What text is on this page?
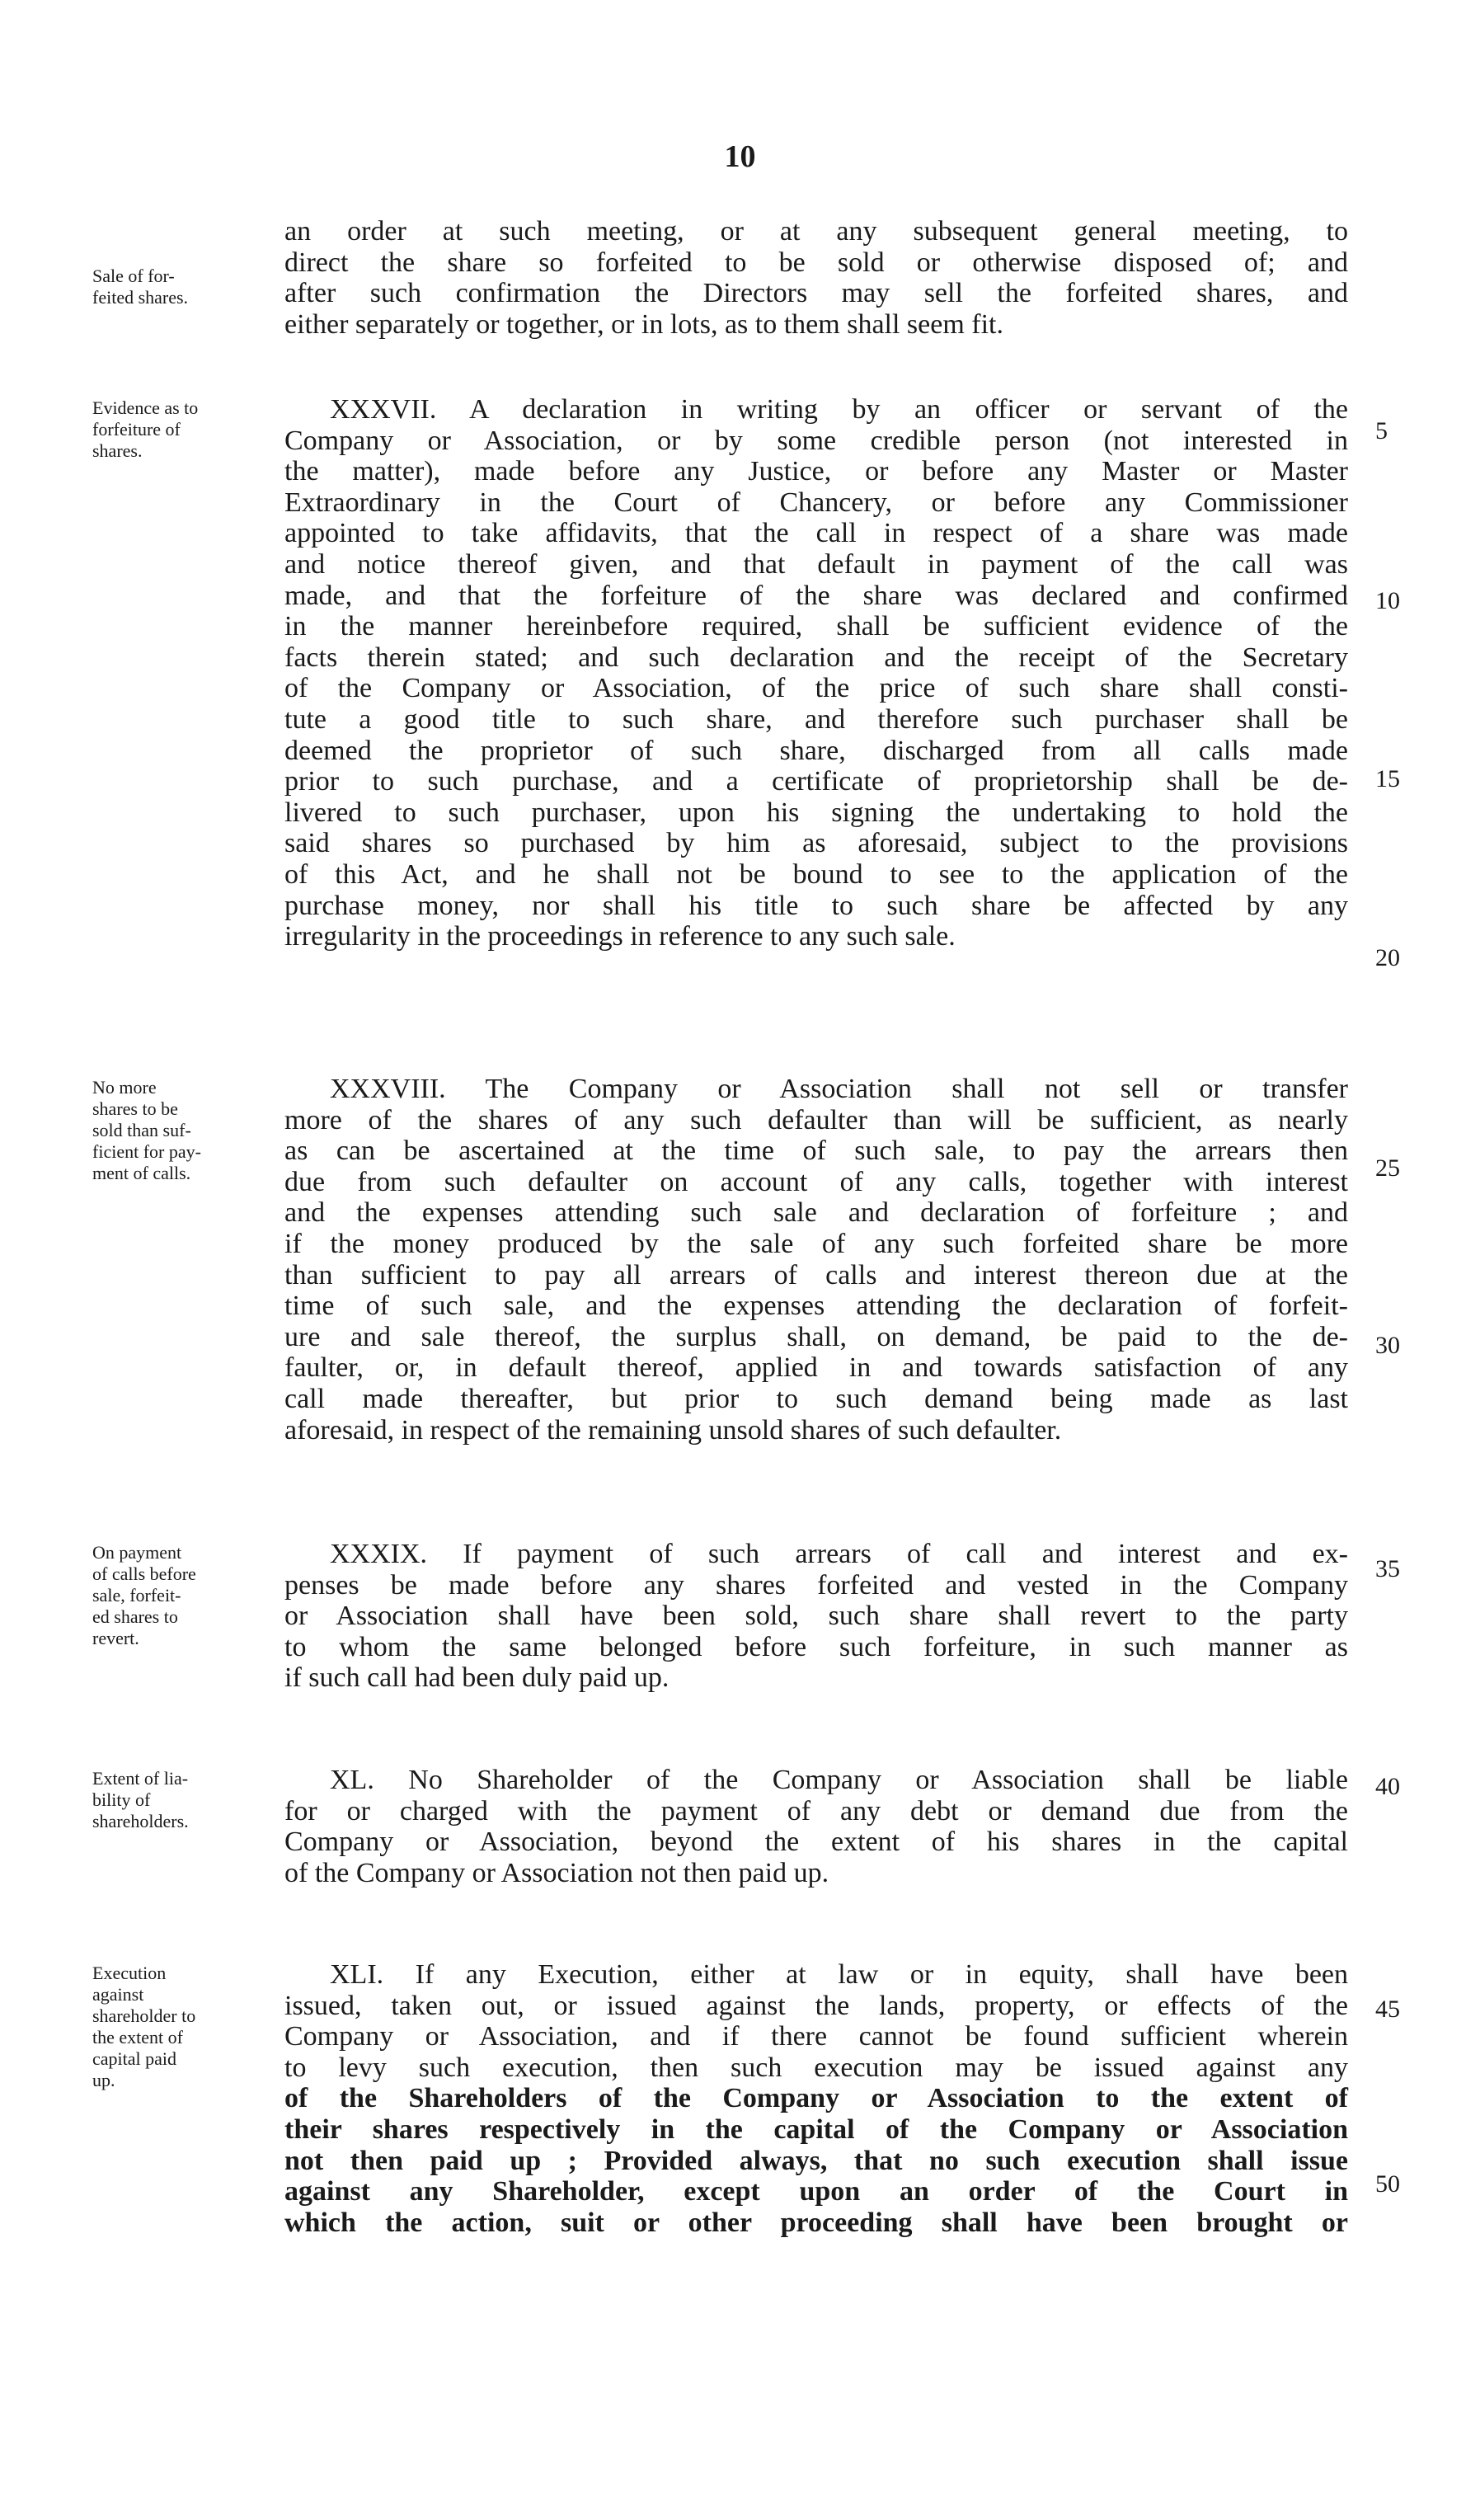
10
Sale of for-
feited shares.
an order at such meeting, or at any subsequent general meeting, to
direct the share so forfeited to be sold or otherwise disposed of; and
after such confirmation the Directors may sell the forfeited shares, and
either separately or together, or in lots, as to them shall seem fit.
Evidence as to
forfeiture of
shares.
XXXVII. A declaration in writing by an officer or servant of the
Company or Association, or by some credible person (not interested in
the matter), made before any Justice, or before any Master or Master
Extraordinary in the Court of Chancery, or before any Commissioner
appointed to take affidavits, that the call in respect of a share was made
and notice thereof given, and that default in payment of the call was
made, and that the forfeiture of the share was declared and confirmed
in the manner hereinbefore required, shall be sufficient evidence of the
facts therein stated; and such declaration and the receipt of the Secretary
of the Company or Association, of the price of such share shall consti-
tute a good title to such share, and therefore such purchaser shall be
deemed the proprietor of such share, discharged from all calls made
prior to such purchase, and a certificate of proprietorship shall be de-
livered to such purchaser, upon his signing the undertaking to hold the
said shares so purchased by him as aforesaid, subject to the provisions
of this Act, and he shall not be bound to see to the application of the
purchase money, nor shall his title to such share be affected by any
irregularity in the proceedings in reference to any such sale.
No more
shares to be
sold than suf-
ficient for pay-
ment of calls.
XXXVIII. The Company or Association shall not sell or transfer
more of the shares of any such defaulter than will be sufficient, as nearly
as can be ascertained at the time of such sale, to pay the arrears then
due from such defaulter on account of any calls, together with interest
and the expenses attending such sale and declaration of forfeiture ; and
if the money produced by the sale of any such forfeited share be more
than sufficient to pay all arrears of calls and interest thereon due at the
time of such sale, and the expenses attending the declaration of forfeit-
ure and sale thereof, the surplus shall, on demand, be paid to the de-
faulter, or, in default thereof, applied in and towards satisfaction of any
call made thereafter, but prior to such demand being made as last
aforesaid, in respect of the remaining unsold shares of such defaulter.
On payment
of calls before
sale, forfeit-
ed shares to
revert.
XXXIX. If payment of such arrears of call and interest and ex-
penses be made before any shares forfeited and vested in the Company
or Association shall have been sold, such share shall revert to the party
to whom the same belonged before such forfeiture, in such manner as
if such call had been duly paid up.
Extent of lia-
bility of
shareholders.
XL. No Shareholder of the Company or Association shall be liable
for or charged with the payment of any debt or demand due from the
Company or Association, beyond the extent of his shares in the capital
of the Company or Association not then paid up.
Execution
against
shareholder to
the extent of
capital paid
up.
XLI. If any Execution, either at law or in equity, shall have been
issued, taken out, or issued against the lands, property, or effects of the
Company or Association, and if there cannot be found sufficient wherein
to levy such execution, then such execution may be issued against any
of the Shareholders of the Company or Association to the extent of
their shares respectively in the capital of the Company or Association
not then paid up ; Provided always, that no such execution shall issue
against any Shareholder, except upon an order of the Court in
which the action, suit or other proceeding shall have been brought or
5
10
15
20
25
30
35
40
45
50
